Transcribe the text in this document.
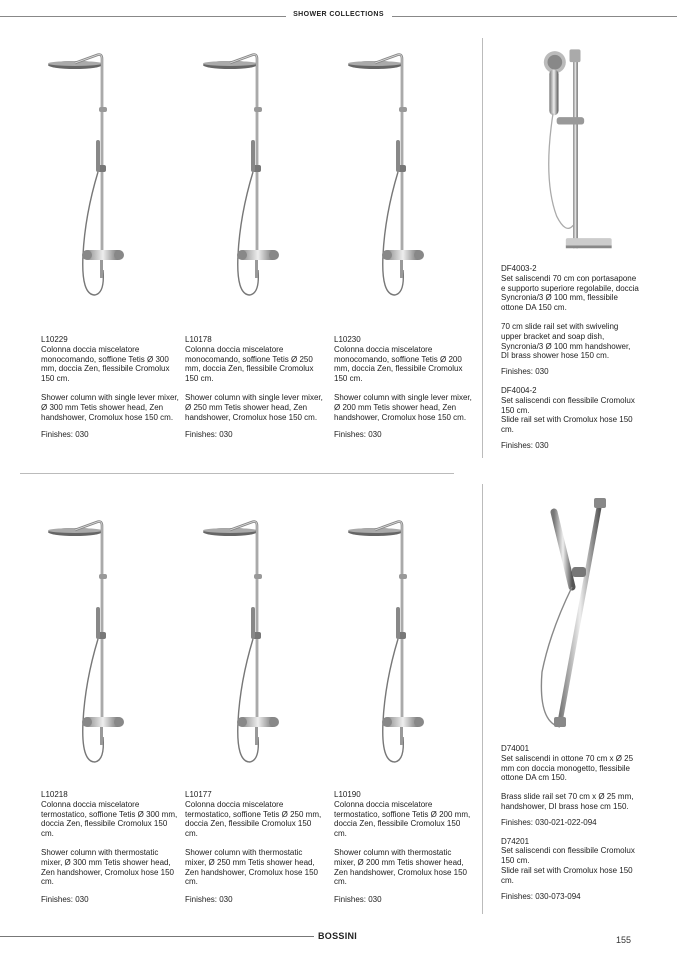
SHOWER COLLECTIONS
L10229
Colonna doccia miscelatore monocomando, soffione Tetis Ø 300 mm, doccia Zen, flessibile Cromolux 150 cm.
Shower column with single lever mixer, Ø 300 mm Tetis shower head, Zen handshower, Cromolux hose 150 cm.
Finishes: 030
L10178
Colonna doccia miscelatore monocomando, soffione Tetis Ø 250 mm, doccia Zen, flessibile Cromolux 150 cm.
Shower column with single lever mixer, Ø 250 mm Tetis shower head, Zen handshower, Cromolux hose 150 cm.
Finishes: 030
L10230
Colonna doccia miscelatore monocomando, soffione Tetis Ø 200 mm, doccia Zen, flessibile Cromolux 150 cm.
Shower column with single lever mixer, Ø 200 mm Tetis shower head, Zen handshower, Cromolux hose 150 cm.
Finishes: 030
DF4003-2
Set saliscendi 70 cm con portasapone e supporto superiore regolabile, doccia Syncronia/3 Ø 100 mm, flessibile ottone DA 150 cm.
70 cm slide rail set with swiveling upper bracket and soap dish, Syncronia/3 Ø 100 mm handshower, DI brass shower hose 150 cm.
Finishes: 030
DF4004-2
Set saliscendi con flessibile Cromolux 150 cm.
Slide rail set with Cromolux hose 150 cm.
Finishes: 030
L10218
Colonna doccia miscelatore termostatico, soffione Tetis Ø 300 mm, doccia Zen, flessibile Cromolux 150 cm.
Shower column with thermostatic mixer, Ø 300 mm Tetis shower head, Zen handshower, Cromolux hose 150 cm.
Finishes: 030
L10177
Colonna doccia miscelatore termostatico, soffione Tetis Ø 250 mm, doccia Zen, flessibile Cromolux 150 cm.
Shower column with thermostatic mixer, Ø 250 mm Tetis shower head, Zen handshower, Cromolux hose 150 cm.
Finishes: 030
L10190
Colonna doccia miscelatore termostatico, soffione Tetis Ø 200 mm, doccia Zen, flessibile Cromolux 150 cm.
Shower column with thermostatic mixer, Ø 200 mm Tetis shower head, Zen handshower, Cromolux hose 150 cm.
Finishes: 030
D74001
Set saliscendi in ottone 70 cm x Ø 25 mm con doccia monogetto, flessibile ottone DA cm 150.
Brass slide rail set 70 cm x Ø 25 mm, handshower, DI brass hose cm 150.
Finishes: 030-021-022-094
D74201
Set saliscendi con flessibile Cromolux 150 cm.
Slide rail set with Cromolux hose 150 cm.
Finishes: 030-073-094
BOSSINI	155
